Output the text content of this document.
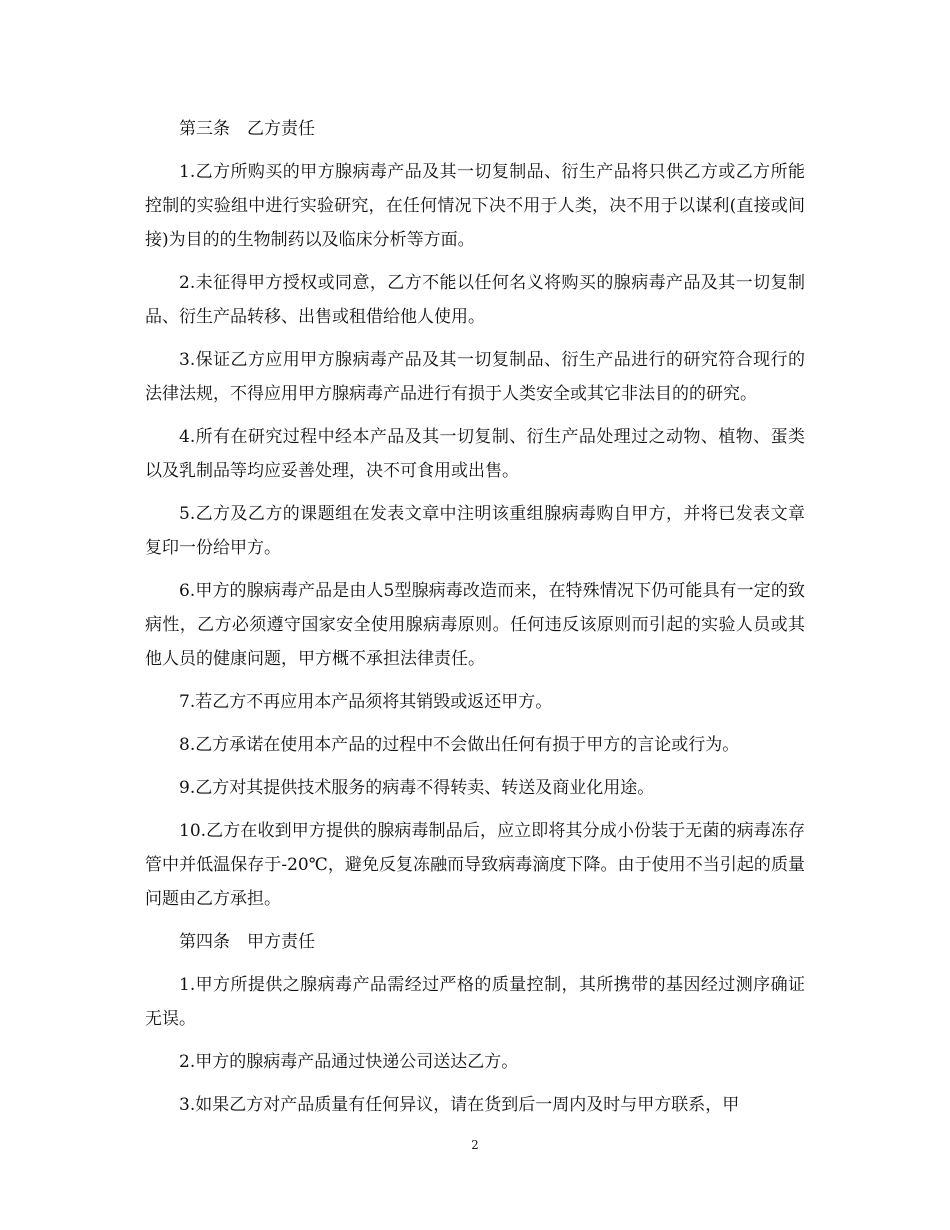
第三条　乙方责任

1.乙方所购买的甲方腺病毒产品及其一切复制品、衍生产品将只供乙方或乙方所能控制的实验组中进行实验研究，在任何情况下决不用于人类，决不用于以谋利(直接或间接)为目的的生物制药以及临床分析等方面。

2.未征得甲方授权或同意，乙方不能以任何名义将购买的腺病毒产品及其一切复制品、衍生产品转移、出售或租借给他人使用。

3.保证乙方应用甲方腺病毒产品及其一切复制品、衍生产品进行的研究符合现行的法律法规，不得应用甲方腺病毒产品进行有损于人类安全或其它非法目的的研究。

4.所有在研究过程中经本产品及其一切复制、衍生产品处理过之动物、植物、蛋类以及乳制品等均应妥善处理，决不可食用或出售。

5.乙方及乙方的课题组在发表文章中注明该重组腺病毒购自甲方，并将已发表文章复印一份给甲方。

6.甲方的腺病毒产品是由人5型腺病毒改造而来，在特殊情况下仍可能具有一定的致病性，乙方必须遵守国家安全使用腺病毒原则。任何违反该原则而引起的实验人员或其他人员的健康问题，甲方概不承担法律责任。

7.若乙方不再应用本产品须将其销毁或返还甲方。

8.乙方承诺在使用本产品的过程中不会做出任何有损于甲方的言论或行为。

9.乙方对其提供技术服务的病毒不得转卖、转送及商业化用途。

10.乙方在收到甲方提供的腺病毒制品后，应立即将其分成小份装于无菌的病毒冻存管中并低温保存于-20℃，避免反复冻融而导致病毒滴度下降。由于使用不当引起的质量问题由乙方承担。

第四条　甲方责任

1.甲方所提供之腺病毒产品需经过严格的质量控制，其所携带的基因经过测序确证无误。

2.甲方的腺病毒产品通过快递公司送达乙方。

3.如果乙方对产品质量有任何异议，请在货到后一周内及时与甲方联系，甲

2
